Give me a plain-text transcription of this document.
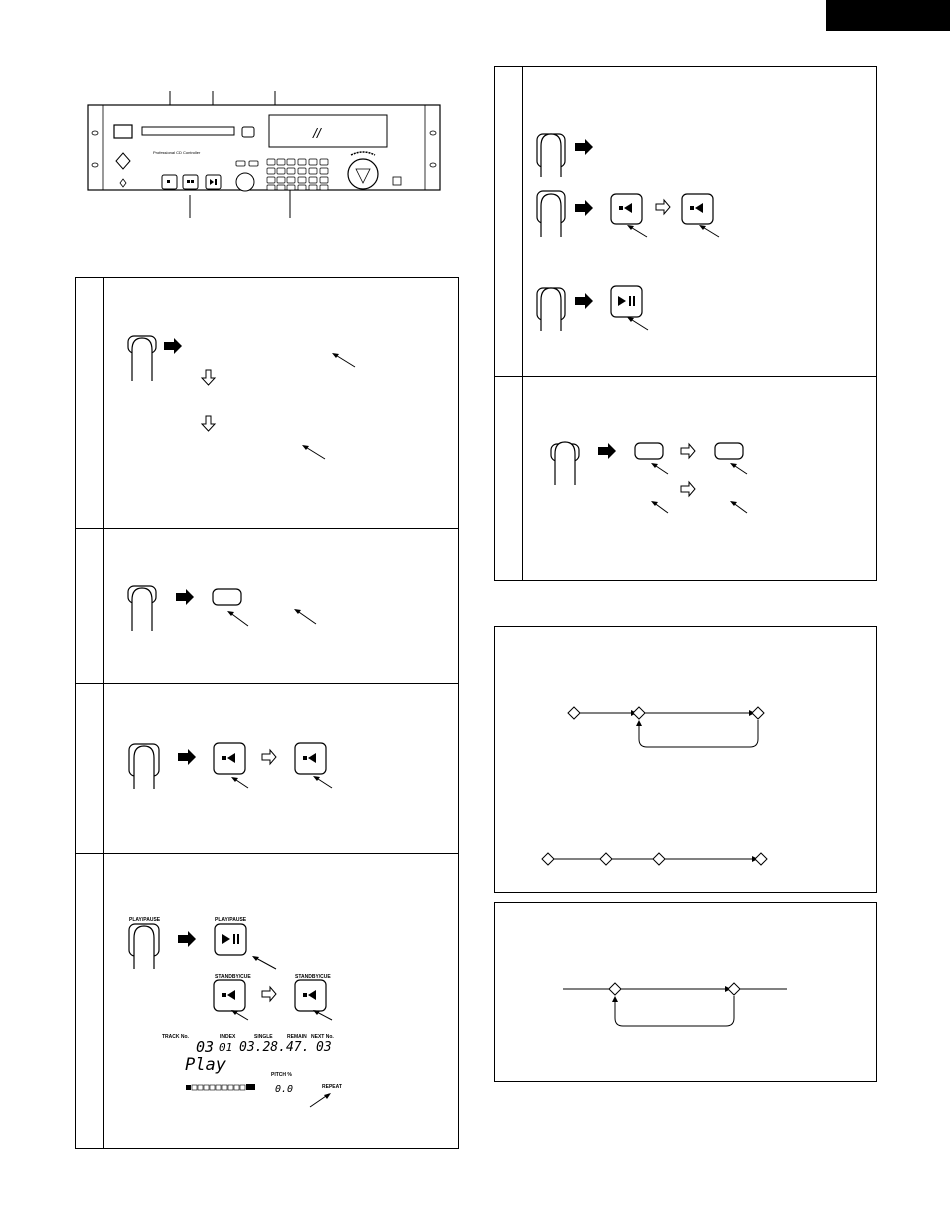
//
Professional CD Controller
PLAY/PAUSE	PLAY/PAUSE
STANDBY/CUE	STANDBY/CUE
TRACK No.	INDEX	SINGLE	REMAIN NEXT No.
03 01 03.28.47. 03
Play	PITCH %
0.0	REPEAT
